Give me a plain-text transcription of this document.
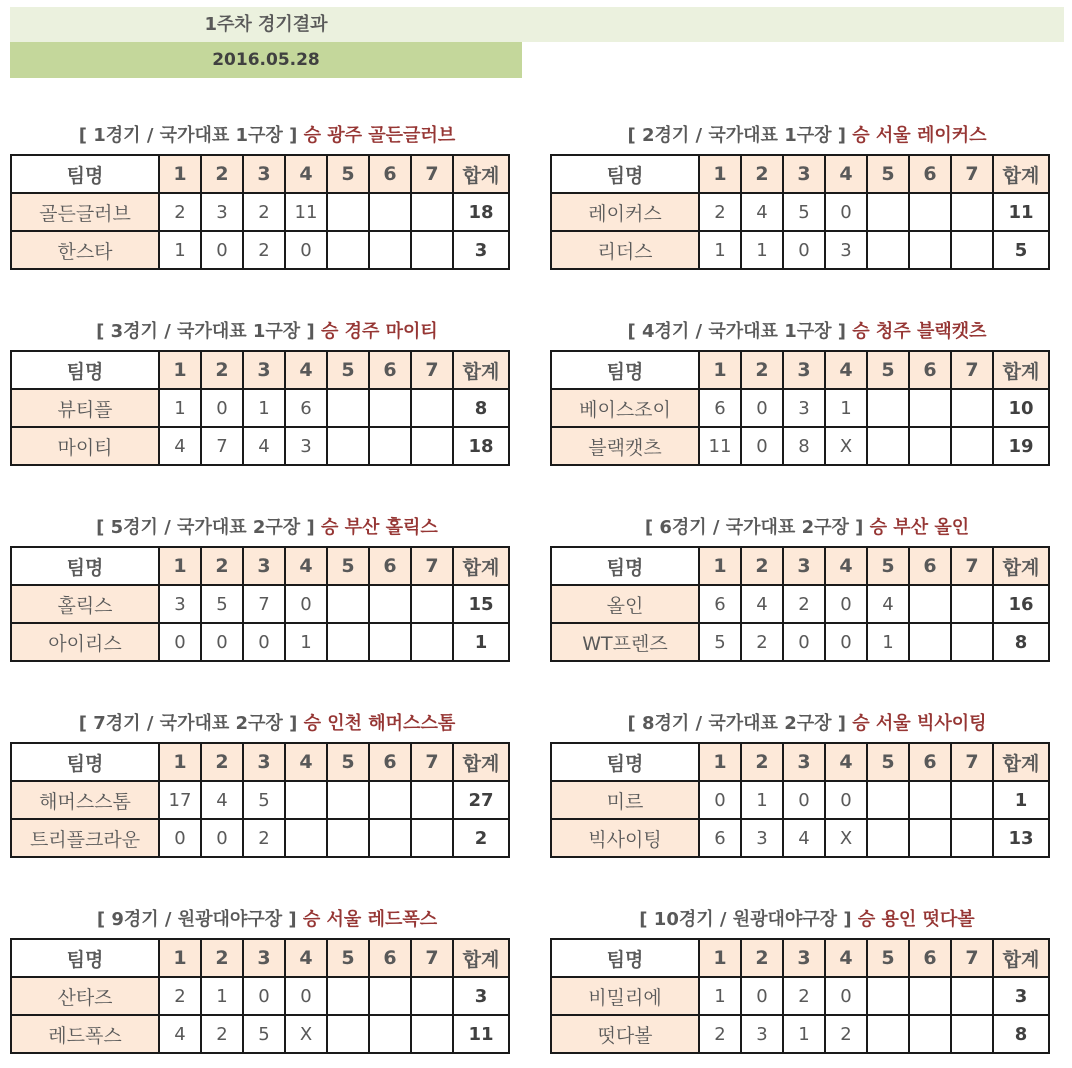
1주차 경기결과
2016.05.28
[ 1경기 / 국가대표 1구장 ] 승 광주 골든글러브
팀명	1	2	3	4	5	6	7	합계
골든글러브	2	3	2	11				18
한스타	1	0	2	0				3
[ 2경기 / 국가대표 1구장 ] 승 서울 레이커스
팀명	1	2	3	4	5	6	7	합계
레이커스	2	4	5	0				11
리더스	1	1	0	3				5
[ 3경기 / 국가대표 1구장 ] 승 경주 마이티
팀명	1	2	3	4	5	6	7	합계
뷰티플	1	0	1	6				8
마이티	4	7	4	3				18
[ 4경기 / 국가대표 1구장 ] 승 청주 블랙캣츠
팀명	1	2	3	4	5	6	7	합계
베이스조이	6	0	3	1				10
블랙캣츠	11	0	8	X				19
[ 5경기 / 국가대표 2구장 ] 승 부산 홀릭스
팀명	1	2	3	4	5	6	7	합계
홀릭스	3	5	7	0				15
아이리스	0	0	0	1				1
[ 6경기 / 국가대표 2구장 ] 승 부산 올인
팀명	1	2	3	4	5	6	7	합계
올인	6	4	2	0	4			16
WT프렌즈	5	2	0	0	1			8
[ 7경기 / 국가대표 2구장 ] 승 인천 해머스스톰
팀명	1	2	3	4	5	6	7	합계
해머스스톰	17	4	5					27
트리플크라운	0	0	2					2
[ 8경기 / 국가대표 2구장 ] 승 서울 빅사이팅
팀명	1	2	3	4	5	6	7	합계
미르	0	1	0	0				1
빅사이팅	6	3	4	X				13
[ 9경기 / 원광대야구장 ] 승 서울 레드폭스
팀명	1	2	3	4	5	6	7	합계
산타즈	2	1	0	0				3
레드폭스	4	2	5	X				11
[ 10경기 / 원광대야구장 ] 승 용인 떳다볼
팀명	1	2	3	4	5	6	7	합계
비밀리에	1	0	2	0				3
떳다볼	2	3	1	2				8
